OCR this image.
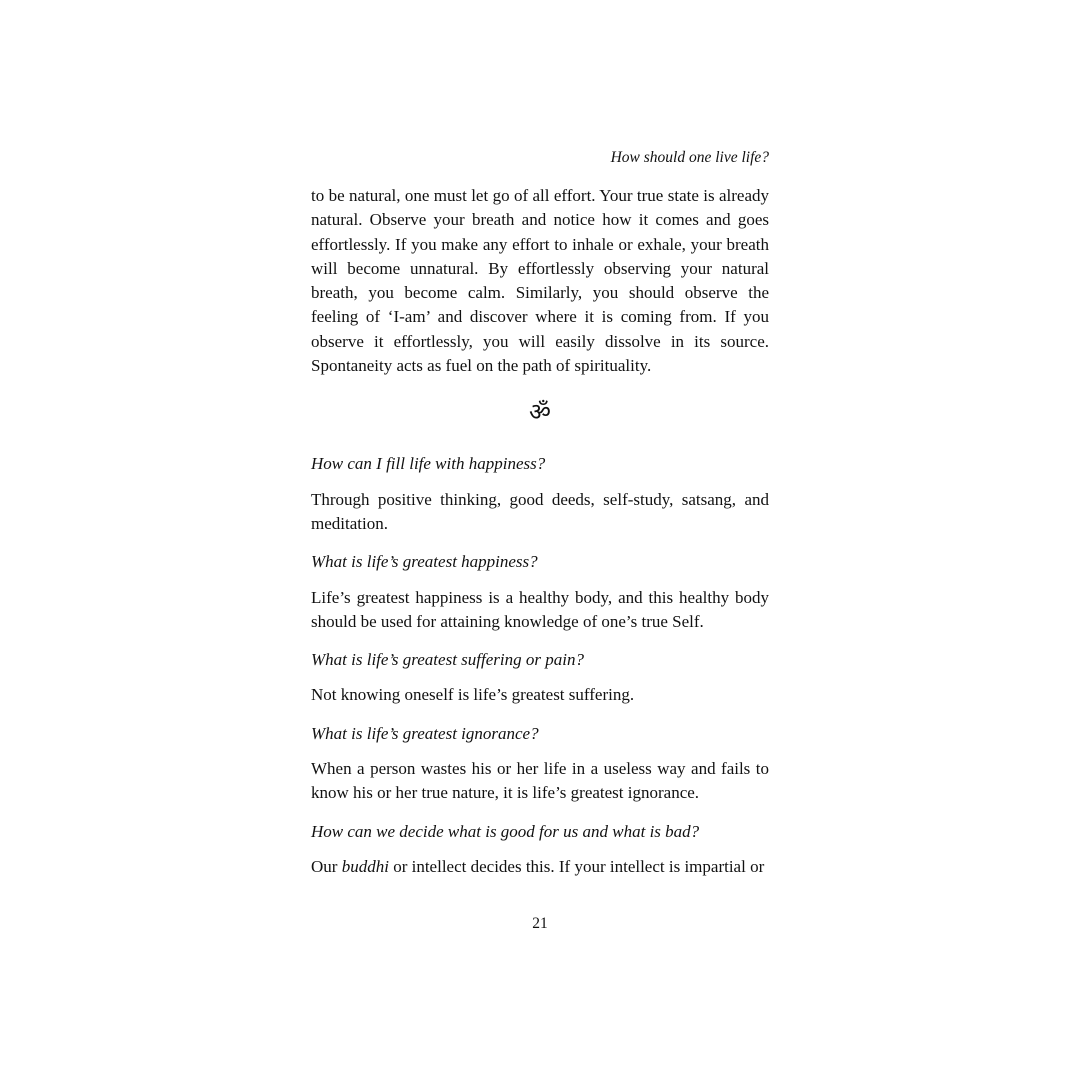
How should one live life?

to be natural, one must let go of all effort. Your true state is already natural. Observe your breath and notice how it comes and goes effortlessly. If you make any effort to inhale or exhale, your breath will become unnatural. By effortlessly observing your natural breath, you become calm. Similarly, you should observe the feeling of ‘I-am’ and discover where it is coming from. If you observe it effortlessly, you will easily dissolve in its source. Spontaneity acts as fuel on the path of spirituality.

ॐ

How can I fill life with happiness?

Through positive thinking, good deeds, self-study, satsang, and meditation.

What is life’s greatest happiness?

Life’s greatest happiness is a healthy body, and this healthy body should be used for attaining knowledge of one’s true Self.

What is life’s greatest suffering or pain?

Not knowing oneself is life’s greatest suffering.

What is life’s greatest ignorance?

When a person wastes his or her life in a useless way and fails to know his or her true nature, it is life’s greatest ignorance.

How can we decide what is good for us and what is bad?

Our buddhi or intellect decides this. If your intellect is impartial or

21
